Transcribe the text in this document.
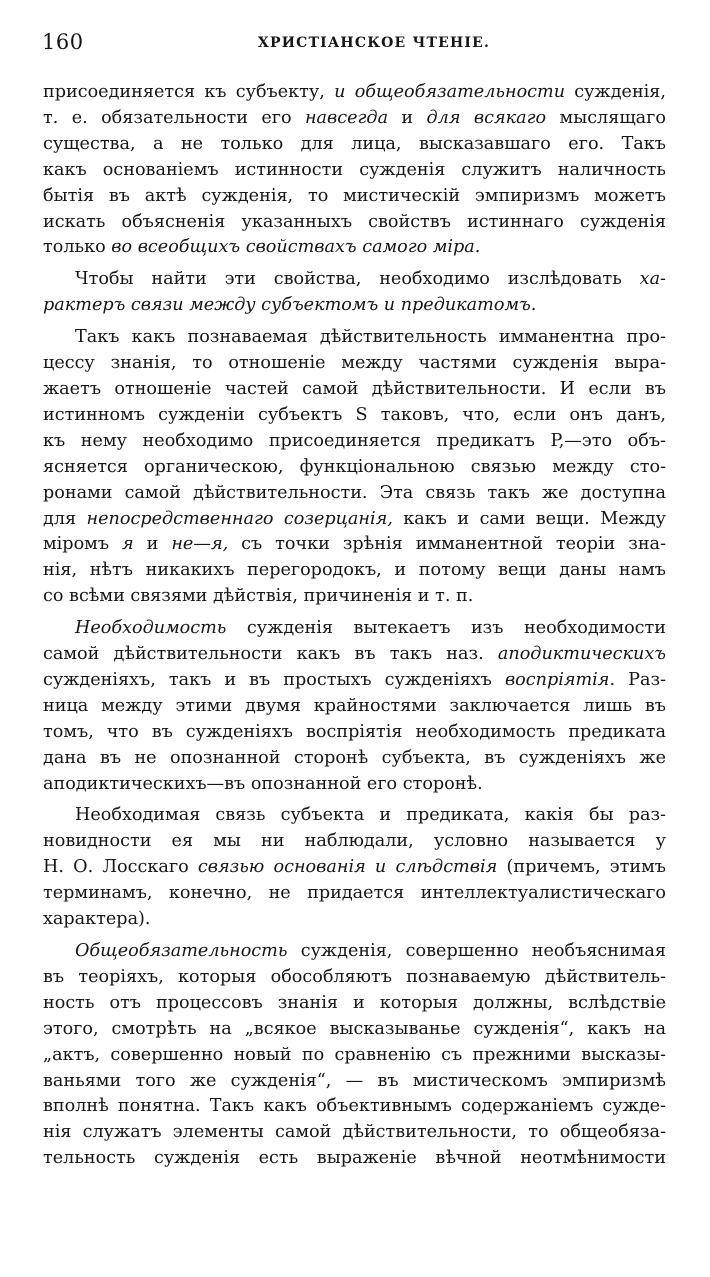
160	ХРИСТIАНСКОЕ ЧТЕНIЕ.
присоединяется къ субъекту, и общеобязательности сужденія,
т. е. обязательности его навсегда и для всякаго мыслящаго
существа, а не только для лица, высказавшаго его. Такъ
какъ основаніемъ истинности сужденія служитъ наличность
бытія въ актѣ сужденія, то мистическій эмпиризмъ можетъ
искать объясненія указанныхъ свойствъ истиннаго сужденія
только во всеобщихъ свойствахъ самого міра.
Чтобы найти эти свойства, необходимо изслѣдовать ха-
рактеръ связи между субъектомъ и предикатомъ.
Такъ какъ познаваемая дѣйствительность имманентна про-
цессу знанія, то отношеніе между частями сужденія выра-
жаетъ отношеніе частей самой дѣйствительности. И если въ
истинномъ сужденіи субъектъ S таковъ, что, если онъ данъ,
къ нему необходимо присоединяется предикатъ P,—это объ-
ясняется органическою, функціональною связью между сто-
ронами самой дѣйствительности. Эта связь такъ же доступна
для непосредственнаго созерцанія, какъ и сами вещи. Между
міромъ я и не—я, съ точки зрѣнія имманентной теоріи зна-
нія, нѣтъ никакихъ перегородокъ, и потому вещи даны намъ
со всѣми связями дѣйствія, причиненія и т. п.
Необходимость сужденія вытекаетъ изъ необходимости
самой дѣйствительности какъ въ такъ наз. аподиктическихъ
сужденіяхъ, такъ и въ простыхъ сужденіяхъ воспріятія. Раз-
ница между этими двумя крайностями заключается лишь въ
томъ, что въ сужденіяхъ воспріятія необходимость предиката
дана въ не опознанной сторонѣ субъекта, въ сужденіяхъ же
аподиктическихъ—въ опознанной его сторонѣ.
Необходимая связь субъекта и предиката, какія бы раз-
новидности ея мы ни наблюдали, условно называется у
Н. О. Лосскаго связью основанія и слѣдствія (причемъ, этимъ
терминамъ, конечно, не придается интеллектуалистическаго
характера).
Общеобязательность сужденія, совершенно необъяснимая
въ теоріяхъ, которыя обособляютъ познаваемую дѣйствитель-
ность отъ процессовъ знанія и которыя должны, вслѣдствіе
этого, смотрѣть на „всякое высказыванье сужденія“, какъ на
„актъ, совершенно новый по сравненію съ прежними высказы-
ваньями того же сужденія“, — въ мистическомъ эмпиризмѣ
вполнѣ понятна. Такъ какъ объективнымъ содержаніемъ сужде-
нія служатъ элементы самой дѣйствительности, то общеобяза-
тельность сужденія есть выраженіе вѣчной неотмѣнимости
